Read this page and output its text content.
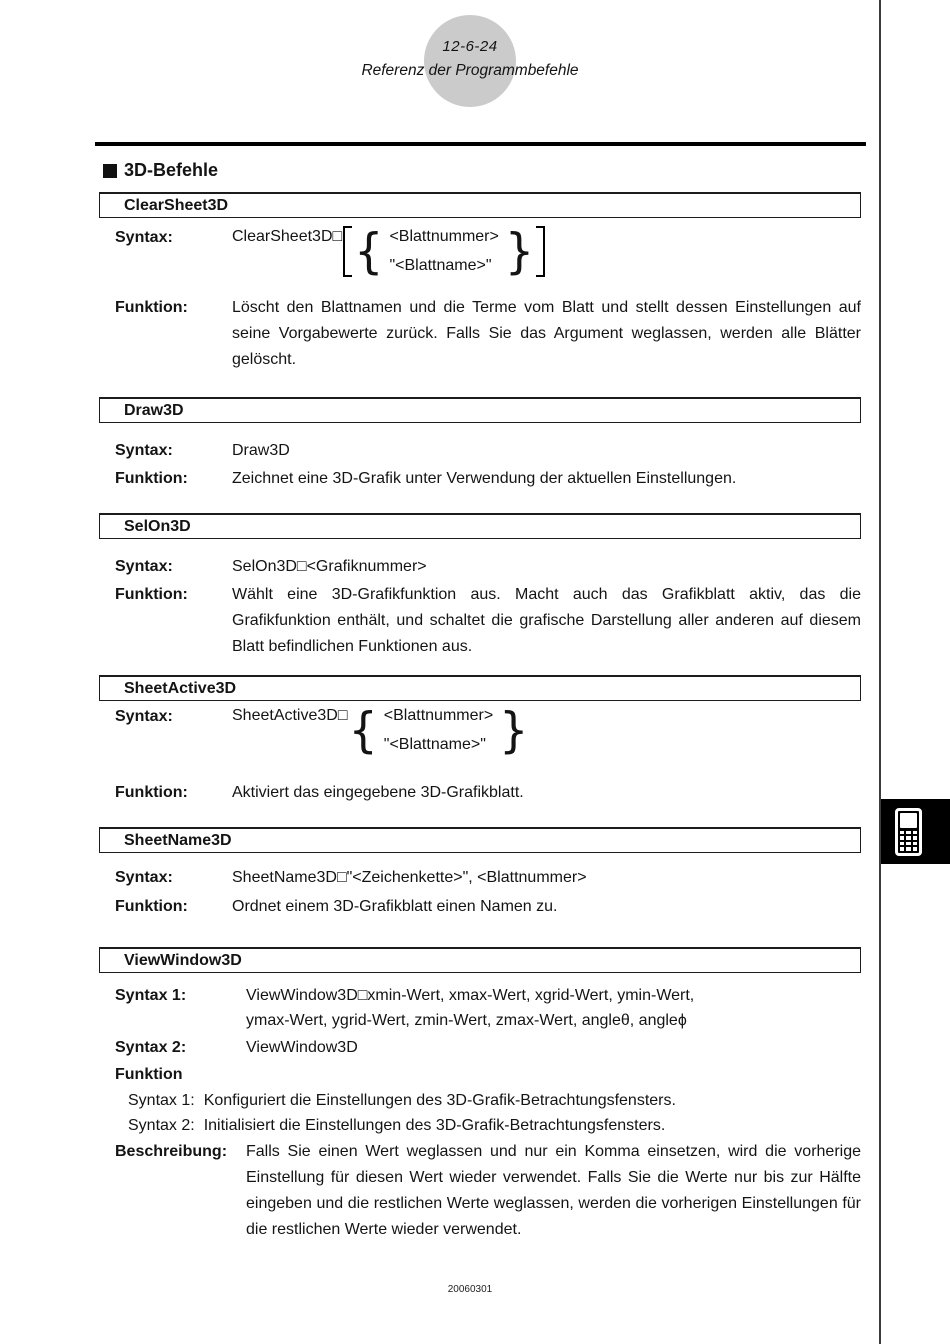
12-6-24
Referenz der Programmbefehle
3D-Befehle
ClearSheet3D
Syntax:	ClearSheet3D□ { <Blattnummer>
"<Blattname>" }
Funktion:	Löscht den Blattnamen und die Terme vom Blatt und stellt dessen Einstellungen auf seine Vorgabewerte zurück. Falls Sie das Argument weglassen, werden alle Blätter gelöscht.
Draw3D
Syntax:	Draw3D
Funktion:	Zeichnet eine 3D-Grafik unter Verwendung der aktuellen Einstellungen.
SelOn3D
Syntax:	SelOn3D□<Grafiknummer>
Funktion:	Wählt eine 3D-Grafikfunktion aus. Macht auch das Grafikblatt aktiv, das die Grafikfunktion enthält, und schaltet die grafische Darstellung aller anderen auf diesem Blatt befindlichen Funktionen aus.
SheetActive3D
Syntax:	SheetActive3D□ { <Blattnummer>
"<Blattname>" }
Funktion:	Aktiviert das eingegebene 3D-Grafikblatt.
SheetName3D
Syntax:	SheetName3D□"<Zeichenkette>", <Blattnummer>
Funktion:	Ordnet einem 3D-Grafikblatt einen Namen zu.
ViewWindow3D
Syntax 1:	ViewWindow3D□xmin-Wert, xmax-Wert, xgrid-Wert, ymin-Wert,
ymax-Wert, ygrid-Wert, zmin-Wert, zmax-Wert, angleθ, angleϕ
Syntax 2:	ViewWindow3D
Funktion
Syntax 1: Konfiguriert die Einstellungen des 3D-Grafik-Betrachtungsfensters.
Syntax 2: Initialisiert die Einstellungen des 3D-Grafik-Betrachtungsfensters.
Beschreibung:	Falls Sie einen Wert weglassen und nur ein Komma einsetzen, wird die vorherige Einstellung für diesen Wert wieder verwendet. Falls Sie die Werte nur bis zur Hälfte eingeben und die restlichen Werte weglassen, werden die vorherigen Einstellungen für die restlichen Werte wieder verwendet.
20060301
